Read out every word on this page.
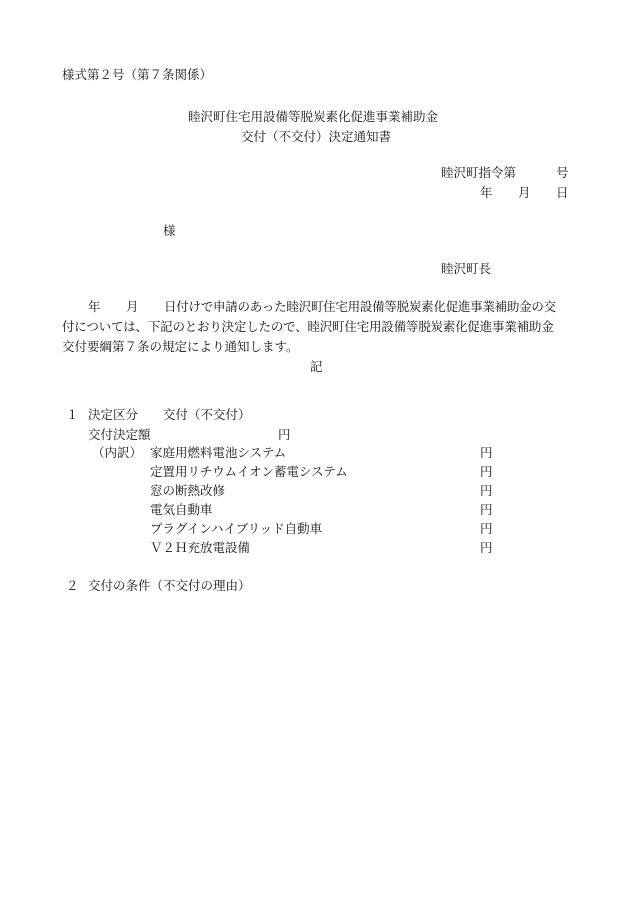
様式第２号（第７条関係）
睦沢町住宅用設備等脱炭素化促進事業補助金
交付（不交付）決定通知書
睦沢町指令第	号
年 月 日
様
睦沢町長
年 月 日付けで申請のあった睦沢町住宅用設備等脱炭素化促進事業補助金の交
付については、下記のとおり決定したので、睦沢町住宅用設備等脱炭素化促進事業補助金
交付要綱第７条の規定により通知します。
記
１ 決定区分 交付（不交付）
交付決定額	円
（内訳） 家庭用燃料電池システム	円
定置用リチウムイオン蓄電システム	円
窓の断熱改修	円
電気自動車	円
プラグインハイブリッド自動車	円
Ｖ２Ｈ充放電設備	円
２ 交付の条件（不交付の理由）
